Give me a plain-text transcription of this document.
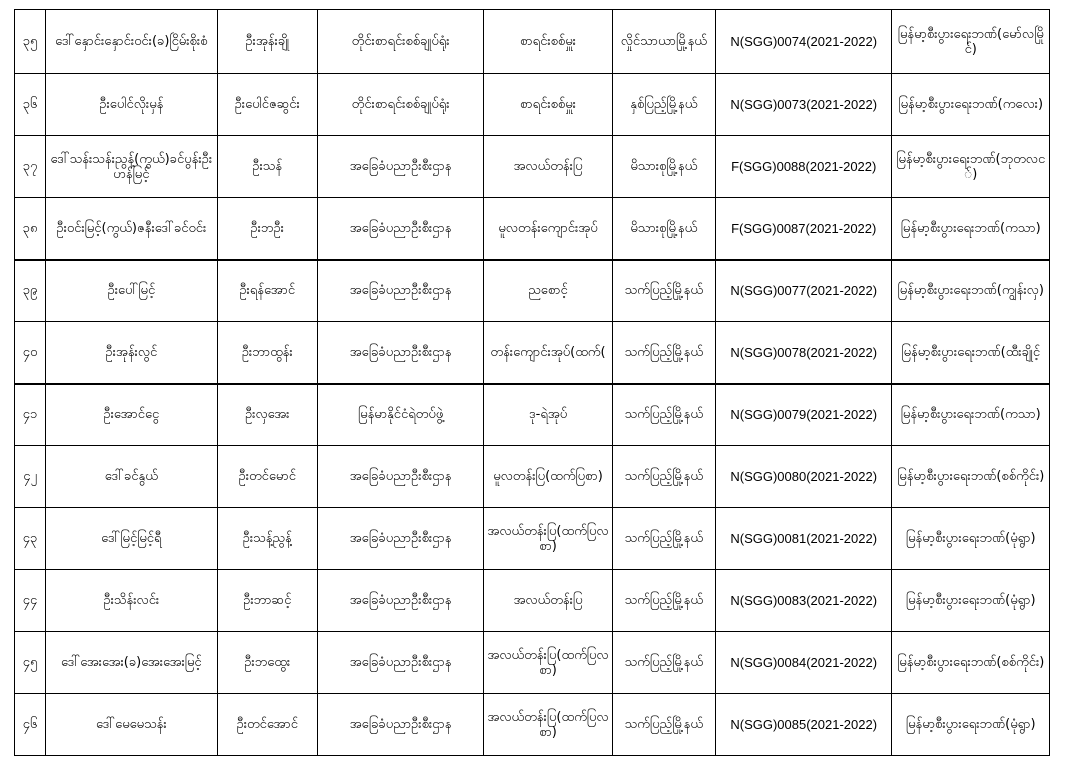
၃၅	ဒေါ်နှောင်းနှောင်းဝင်း(ခ)ငြိမ်းစိုးစံ	ဦးအုန်းချို	တိုင်းစာရင်းစစ်ချုပ်ရုံး	စာရင်းစစ်မှူး	လှိုင်သာယာမြို့နယ်	N(SGG)0074(2021-2022)	မြန်မာ့စီးပွားရေးဘဏ်(မော်လမြိုင်)
၃၆	ဦးပေါင်လိုးမှန်	ဦးပေါင်ဇဆွင်း	တိုင်းစာရင်းစစ်ချုပ်ရုံး	စာရင်းစစ်မှူး	နှစ်ပြည့်မြို့နယ်	N(SGG)0073(2021-2022)	မြန်မာ့စီးပွားရေးဘဏ်(ကလေး)
၃၇	ဒေါ်သန်းသန်းညွန့်(ကွယ်)ခင်ပွန်းဦးဟန်မြင့်	ဦးသန်	အခြေခံပညာဦးစီးဌာန	အလယ်တန်းပြ	မိသားစုမြို့နယ်	F(SGG)0088(2021-2022)	မြန်မာ့စီးပွားရေးဘဏ်(ဘုတလင်)
၃၈	ဦးဝင်းမြင့်(ကွယ်)ဇနီးဒေါ်ခင်ဝင်း	ဦးဘဦး	အခြေခံပညာဦးစီးဌာန	မူလတန်းကျောင်းအုပ်	မိသားစုမြို့နယ်	F(SGG)0087(2021-2022)	မြန်မာ့စီးပွားရေးဘဏ်(ကသာ)
၃၉	ဦးပေါ်မြင့်	ဦးရန်အောင်	အခြေခံပညာဦးစီးဌာန	ညစောင့်	သက်ပြည့်မြို့နယ်	N(SGG)0077(2021-2022)	မြန်မာ့စီးပွားရေးဘဏ်(ကျွန်းလှ)
၄၀	ဦးအုန်းလွင်	ဦးဘာထွန်း	အခြေခံပညာဦးစီးဌာန	တန်းကျောင်းအုပ်(ထက်(	သက်ပြည့်မြို့နယ်	N(SGG)0078(2021-2022)	မြန်မာ့စီးပွားရေးဘဏ်(ထီးချိုင့်
၄၁	ဦးအောင်ငွေ	ဦးလှအေး	မြန်မာနိုင်ငံရဲတပ်ဖွဲ့	ဒု-ရဲအုပ်	သက်ပြည့်မြို့နယ်	N(SGG)0079(2021-2022)	မြန်မာ့စီးပွားရေးဘဏ်(ကသာ)
၄၂	ဒေါ်ခင်နွယ်	ဦးတင်မောင်	အခြေခံပညာဦးစီးဌာန	မူလတန်းပြ(ထက်ပြစာ)	သက်ပြည့်မြို့နယ်	N(SGG)0080(2021-2022)	မြန်မာ့စီးပွားရေးဘဏ်(စစ်ကိုင်း)
၄၃	ဒေါ်မြင့်မြင့်ရီ	ဦးသန့်ညွန့်	အခြေခံပညာဦးစီးဌာန	အလယ်တန်းပြ(ထက်ပြလစာ)	သက်ပြည့်မြို့နယ်	N(SGG)0081(2021-2022)	မြန်မာ့စီးပွားရေးဘဏ်(မုံရွာ)
၄၄	ဦးသိန်းလင်း	ဦးဘာဆင့်	အခြေခံပညာဦးစီးဌာန	အလယ်တန်းပြ	သက်ပြည့်မြို့နယ်	N(SGG)0083(2021-2022)	မြန်မာ့စီးပွားရေးဘဏ်(မုံရွာ)
၄၅	ဒေါ်အေးအေး(ခ)အေးအေးမြင့်	ဦးဘထွေး	အခြေခံပညာဦးစီးဌာန	အလယ်တန်းပြ(ထက်ပြလစာ)	သက်ပြည့်မြို့နယ်	N(SGG)0084(2021-2022)	မြန်မာ့စီးပွားရေးဘဏ်(စစ်ကိုင်း)
၄၆	ဒေါ်မေမေသန်း	ဦးတင်အောင်	အခြေခံပညာဦးစီးဌာန	အလယ်တန်းပြ(ထက်ပြလစာ)	သက်ပြည့်မြို့နယ်	N(SGG)0085(2021-2022)	မြန်မာ့စီးပွားရေးဘဏ်(မုံရွာ)
